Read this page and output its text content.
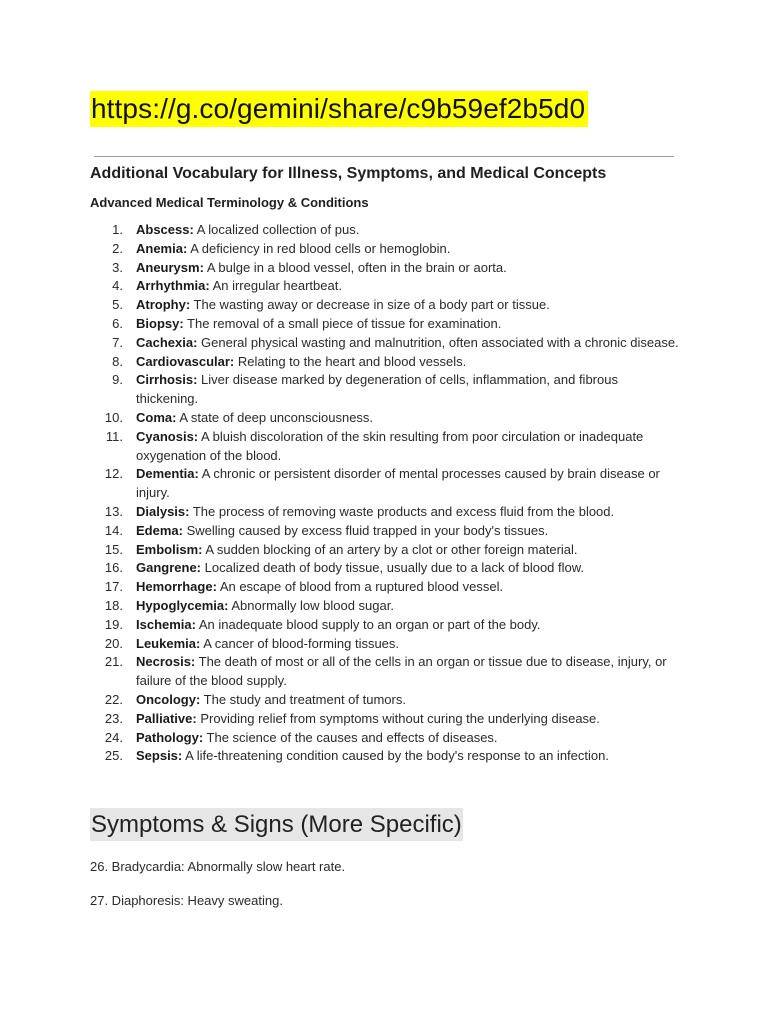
https://g.co/gemini/share/c9b59ef2b5d0
Additional Vocabulary for Illness, Symptoms, and Medical Concepts
Advanced Medical Terminology & Conditions
1. Abscess: A localized collection of pus.
2. Anemia: A deficiency in red blood cells or hemoglobin.
3. Aneurysm: A bulge in a blood vessel, often in the brain or aorta.
4. Arrhythmia: An irregular heartbeat.
5. Atrophy: The wasting away or decrease in size of a body part or tissue.
6. Biopsy: The removal of a small piece of tissue for examination.
7. Cachexia: General physical wasting and malnutrition, often associated with a chronic disease.
8. Cardiovascular: Relating to the heart and blood vessels.
9. Cirrhosis: Liver disease marked by degeneration of cells, inflammation, and fibrous thickening.
10. Coma: A state of deep unconsciousness.
11. Cyanosis: A bluish discoloration of the skin resulting from poor circulation or inadequate oxygenation of the blood.
12. Dementia: A chronic or persistent disorder of mental processes caused by brain disease or injury.
13. Dialysis: The process of removing waste products and excess fluid from the blood.
14. Edema: Swelling caused by excess fluid trapped in your body's tissues.
15. Embolism: A sudden blocking of an artery by a clot or other foreign material.
16. Gangrene: Localized death of body tissue, usually due to a lack of blood flow.
17. Hemorrhage: An escape of blood from a ruptured blood vessel.
18. Hypoglycemia: Abnormally low blood sugar.
19. Ischemia: An inadequate blood supply to an organ or part of the body.
20. Leukemia: A cancer of blood-forming tissues.
21. Necrosis: The death of most or all of the cells in an organ or tissue due to disease, injury, or failure of the blood supply.
22. Oncology: The study and treatment of tumors.
23. Palliative: Providing relief from symptoms without curing the underlying disease.
24. Pathology: The science of the causes and effects of diseases.
25. Sepsis: A life-threatening condition caused by the body's response to an infection.
Symptoms & Signs (More Specific)
26. Bradycardia: Abnormally slow heart rate.
27. Diaphoresis: Heavy sweating.
